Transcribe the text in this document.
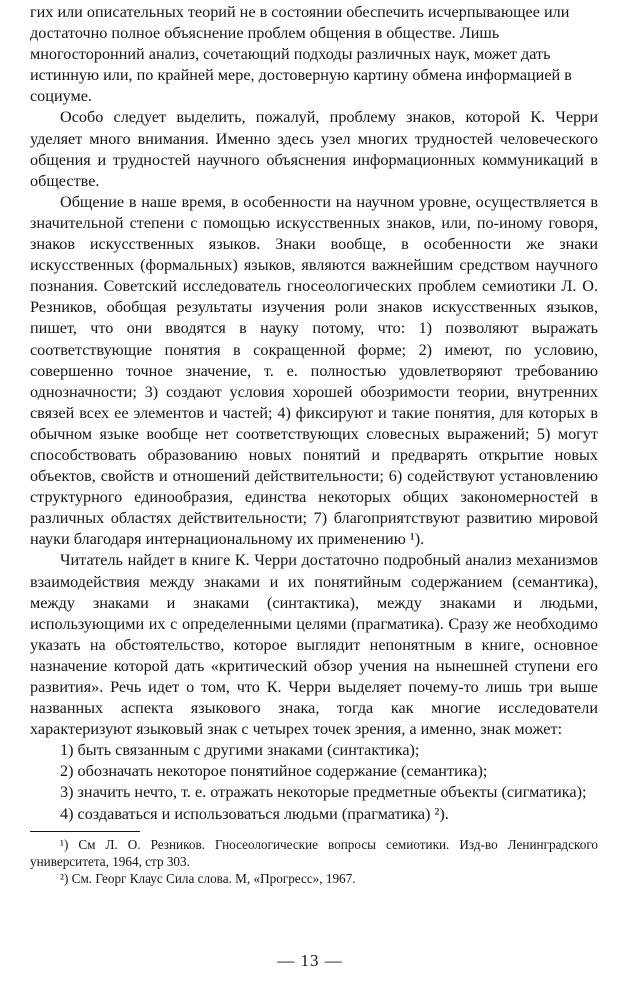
гих или описательных теорий не в состоянии обеспечить исчерпывающее или достаточно полное объяснение проблем общения в обществе. Лишь многосторонний анализ, сочетающий подходы различных наук, может дать истинную или, по крайней мере, достоверную картину обмена информацией в социуме.

Особо следует выделить, пожалуй, проблему знаков, которой К. Черри уделяет много внимания. Именно здесь узел многих трудностей человеческого общения и трудностей научного объяснения информационных коммуникаций в обществе.

Общение в наше время, в особенности на научном уровне, осуществляется в значительной степени с помощью искусственных знаков, или, по-иному говоря, знаков искусственных языков. Знаки вообще, в особенности же знаки искусственных (формальных) языков, являются важнейшим средством научного познания. Советский исследователь гносеологических проблем семиотики Л. О. Резников, обобщая результаты изучения роли знаков искусственных языков, пишет, что они вводятся в науку потому, что: 1) позволяют выражать соответствующие понятия в сокращенной форме; 2) имеют, по условию, совершенно точное значение, т. е. полностью удовлетворяют требованию однозначности; 3) создают условия хорошей обозримости теории, внутренних связей всех ее элементов и частей; 4) фиксируют и такие понятия, для которых в обычном языке вообще нет соответствующих словесных выражений; 5) могут способствовать образованию новых понятий и предварять открытие новых объектов, свойств и отношений действительности; 6) содействуют установлению структурного единообразия, единства некоторых общих закономерностей в различных областях действительности; 7) благоприятствуют развитию мировой науки благодаря интернациональному их применению ¹).

Читатель найдет в книге К. Черри достаточно подробный анализ механизмов взаимодействия между знаками и их понятийным содержанием (семантика), между знаками и знаками (синтактика), между знаками и людьми, использующими их с определенными целями (прагматика). Сразу же необходимо указать на обстоятельство, которое выглядит непонятным в книге, основное назначение которой дать «критический обзор учения на нынешней ступени его развития». Речь идет о том, что К. Черри выделяет почему-то лишь три выше названных аспекта языкового знака, тогда как многие исследователи характеризуют языковый знак с четырех точек зрения, а именно, знак может:

1) быть связанным с другими знаками (синтактика);

2) обозначать некоторое понятийное содержание (семантика);

3) значить нечто, т. е. отражать некоторые предметные объекты (сигматика);

4) создаваться и использоваться людьми (прагматика) ²).

¹) См Л. О. Резников. Гносеологические вопросы семиотики. Изд-во Ленинградского университета, 1964, стр 303.

²) См. Георг Клаус Сила слова. М, «Прогресс», 1967.

— 13 —
